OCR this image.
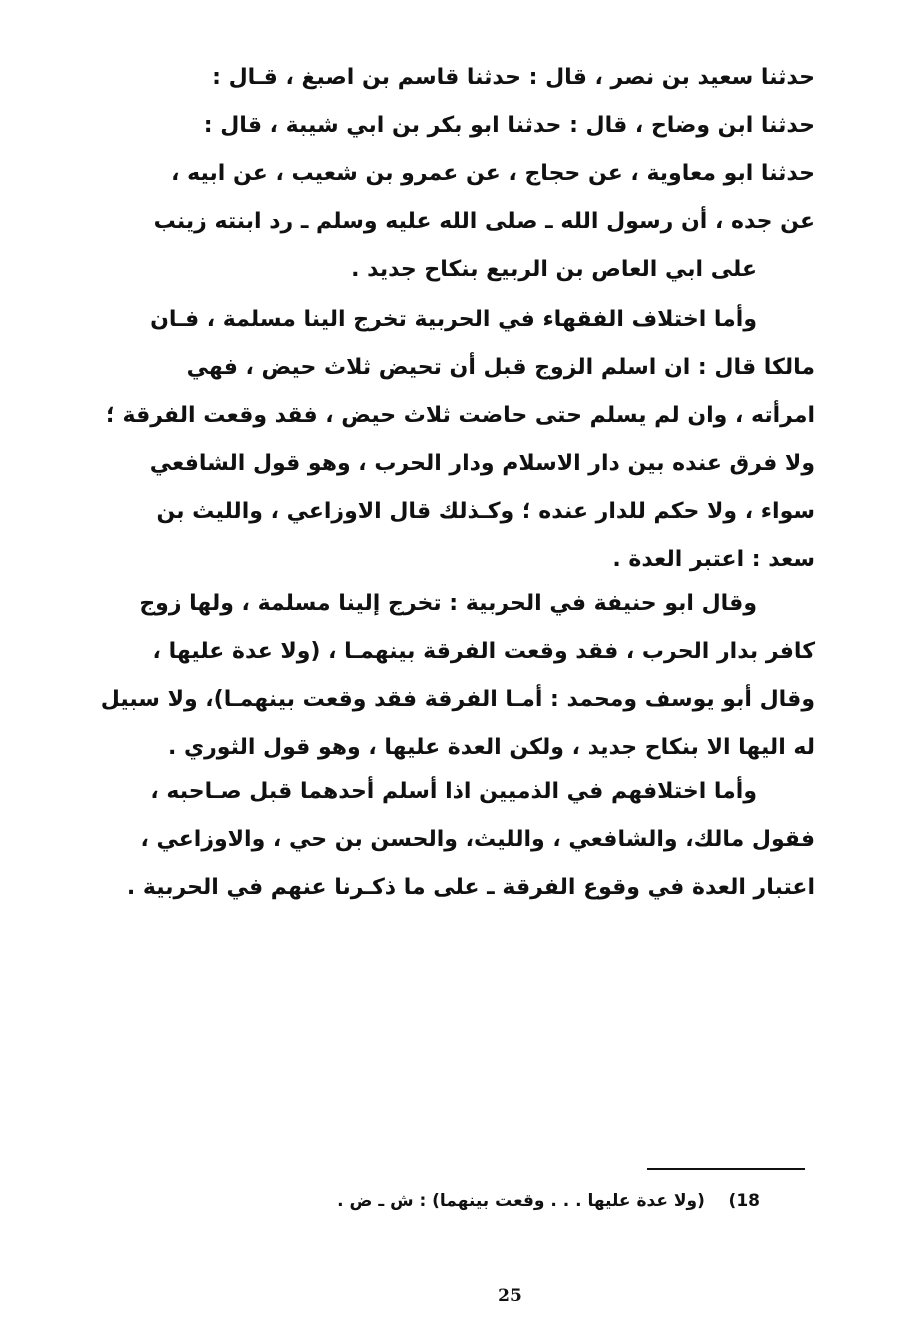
حدثنا سعيد بن نصر ، قال : حدثنا قاسم بن اصبغ ، قـال :
حدثنا ابن وضاح ، قال : حدثنا ابو بكر بن ابي شيبة ، قال :
حدثنا ابو معاوية ، عن حجاج ، عن عمرو بن شعيب ، عن ابيه ،
عن جده ، أن رسول الله ـ صلى الله عليه وسلم ـ رد ابنته زينب
على ابي العاص بن الربيع بنكاح جديد .
وأما اختلاف الفقهاء في الحربية تخرج الينا مسلمة ، فـان
مالكا قال : ان اسلم الزوج قبل أن تحيض ثلاث حيض ، فهي
امرأته ، وان لم يسلم حتى حاضت ثلاث حيض ، فقد وقعت الفرقة ؛
ولا فرق عنده بين دار الاسلام ودار الحرب ، وهو قول الشافعي
سواء ، ولا حكم للدار عنده ؛ وكـذلك قال الاوزاعي ، والليث بن
سعد : اعتبر العدة .
وقال ابو حنيفة في الحربية : تخرج إلينا مسلمة ، ولها زوج
كافر بدار الحرب ، فقد وقعت الفرقة بينهمـا ، (ولا عدة عليها ،
وقال أبو يوسف ومحمد : أمـا الفرقة فقد وقعت بينهمـا)، ولا سبيل
له اليها الا بنكاح جديد ، ولكن العدة عليها ، وهو قول الثوري .
وأما اختلافهم في الذميين اذا أسلم أحدهما قبل صـاحبه ،
فقول مالك، والشافعي ، والليث، والحسن بن حي ، والاوزاعي ،
اعتبار العدة في وقوع الفرقة ـ على ما ذكـرنا عنهم في الحربية .
18)    (ولا عدة عليها . . . وقعت بينهما) : ش ـ ض .
25
